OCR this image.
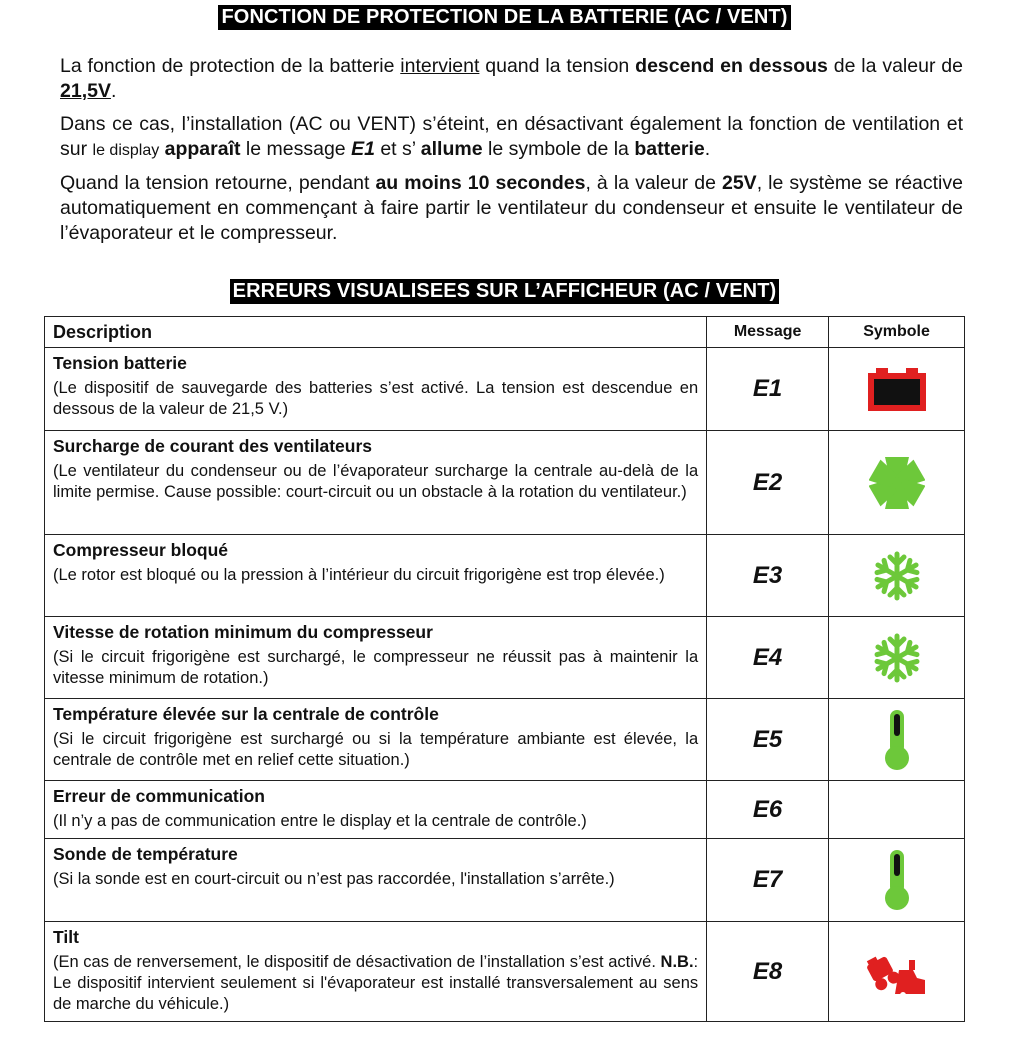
FONCTION DE PROTECTION DE LA BATTERIE (AC / VENT)

La fonction de protection de la batterie intervient quand la tension descend en dessous de la valeur de 21,5V.

Dans ce cas, l’installation (AC ou VENT) s’éteint, en désactivant également la fonction de ventilation et sur le display apparaît le message E1 et s’ allume le symbole de la batterie.

Quand la tension retourne, pendant au moins 10 secondes, à la valeur de 25V, le système se réactive automatiquement en commençant à faire partir le ventilateur du condenseur et ensuite le ventilateur de l’évaporateur et le compresseur.

ERREURS VISUALISEES SUR L’AFFICHEUR (AC / VENT)
Description	Message	Symbole

Tension batterie
(Le dispositif de sauvegarde des batteries s’est activé. La tension est descendue en dessous de la valeur de 21,5 V.)	E1	

Surcharge de courant des ventilateurs
(Le ventilateur du condenseur ou de l’évaporateur surcharge la centrale au-delà de la limite permise. Cause possible: court-circuit ou un obstacle à la rotation du ventilateur.)	E2	

Compresseur bloqué
(Le rotor est bloqué ou la pression à l’intérieur du circuit frigorigène est trop élevée.)	E3	

Vitesse de rotation minimum du compresseur
(Si le circuit frigorigène est surchargé, le compresseur ne réussit pas à maintenir la vitesse minimum de rotation.)	E4	

Température élevée sur la centrale de contrôle
(Si le circuit frigorigène est surchargé ou si la température ambiante est élevée, la centrale de contrôle met en relief cette situation.)	E5	

Erreur de communication
(Il n’y a pas de communication entre le display et la centrale de contrôle.)	E6	

Sonde de température
(Si la sonde est en court-circuit ou n’est pas raccordée, l'installation s’arrête.)	E7	

Tilt
(En cas de renversement, le dispositif de désactivation de l’installation s’est activé. N.B.: Le dispositif intervient seulement si l'évaporateur est installé transversalement au sens de marche du véhicule.)	E8	
